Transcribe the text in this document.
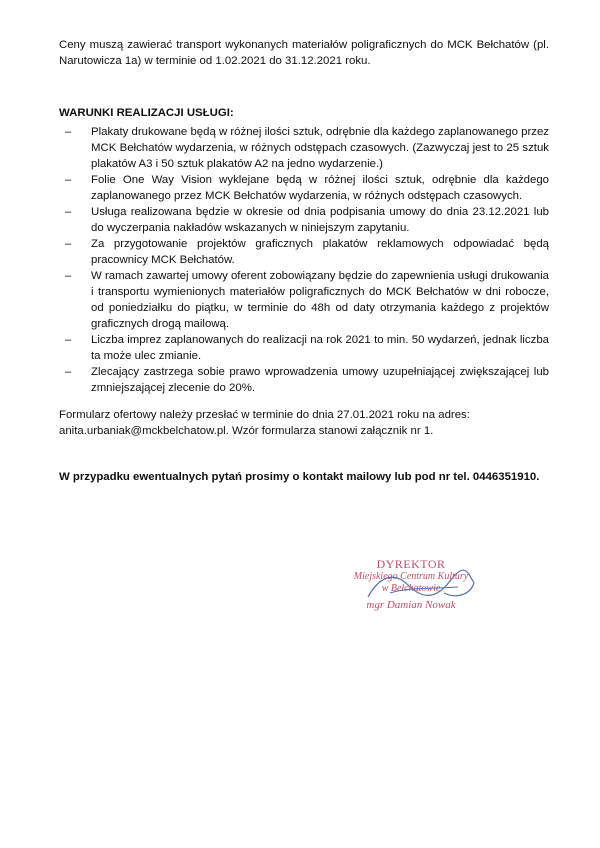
Ceny muszą zawierać transport wykonanych materiałów poligraficznych do MCK Bełchatów (pl. Narutowicza 1a) w terminie od 1.02.2021 do 31.12.2021 roku.
WARUNKI REALIZACJI USŁUGI:
– Plakaty drukowane będą w różnej ilości sztuk, odrębnie dla każdego zaplanowanego przez MCK Bełchatów wydarzenia, w różnych odstępach czasowych. (Zazwyczaj jest to 25 sztuk plakatów A3 i 50 sztuk plakatów A2 na jedno wydarzenie.)
– Folie One Way Vision wyklejane będą w różnej ilości sztuk, odrębnie dla każdego zaplanowanego przez MCK Bełchatów wydarzenia, w różnych odstępach czasowych.
– Usługa realizowana będzie w okresie od dnia podpisania umowy do dnia 23.12.2021 lub do wyczerpania nakładów wskazanych w niniejszym zapytaniu.
– Za przygotowanie projektów graficznych plakatów reklamowych odpowiadać będą pracownicy MCK Bełchatów.
– W ramach zawartej umowy oferent zobowiązany będzie do zapewnienia usługi drukowania i transportu wymienionych materiałów poligraficznych do MCK Bełchatów w dni robocze, od poniedziałku do piątku, w terminie do 48h od daty otrzymania każdego z projektów graficznych drogą mailową.
– Liczba imprez zaplanowanych do realizacji na rok 2021 to min. 50 wydarzeń, jednak liczba ta może ulec zmianie.
– Zlecający zastrzega sobie prawo wprowadzenia umowy uzupełniającej zwiększającej lub zmniejszającej zlecenie do 20%.
Formularz ofertowy należy przesłać w terminie do dnia 27.01.2021 roku na adres:
anita.urbaniak@mckbelchatow.pl. Wzór formularza stanowi załącznik nr 1.
W przypadku ewentualnych pytań prosimy o kontakt mailowy lub pod nr tel. 0446351910.
DYREKTOR
Miejskiego Centrum Kultury
w Bełchatowie
mgr Damian Nowak
